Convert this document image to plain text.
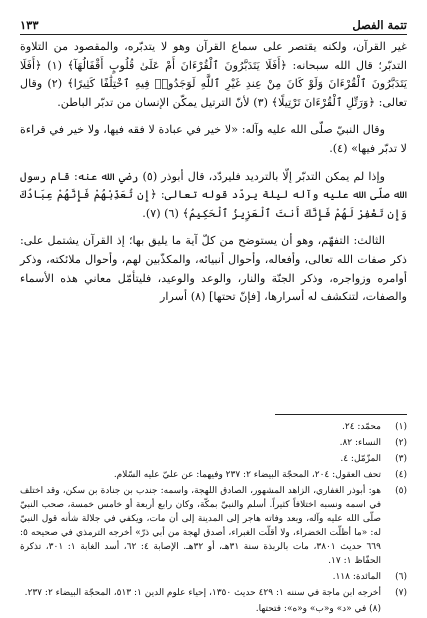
تتمة الفصل
١٣٣

غير القرآن، ولكنه يقتصر على سماع القرآن وهو لا يتدبّره، والمقصود من التلاوة التدبّر؛ قال الله سبحانه: ﴿أَفَلَا يَتَدَبَّرُونَ ٱلْقُرْءَانَ أَمْ عَلَىٰ قُلُوبٍ أَقْفَالُهَآ﴾ (١) ﴿أَفَلَا يَتَدَبَّرُونَ ٱلْقُرْءَانَ وَلَوْ كَانَ مِنْ عِندِ غَيْرِ ٱللَّهِ لَوَجَدُوا۟ فِيهِ ٱخْتِلَٰفًا كَثِيرًا﴾ (٢) وقال تعالى: ﴿وَرَتِّلِ ٱلْقُرْءَانَ تَرْتِيلًا﴾ (٣) لأنّ الترتيل يمكّن الإنسان من تدبّر الباطن.

وقال النبيّ صلّى الله عليه وآله: «لا خير في عبادة لا فقه فيها، ولا خير في قراءة لا تدبّر فيها» (٤).

وإذا لم يمكن التدبّر إلّا بالترديد فليردّد، قال أبوذر (٥) رضي الله عنه: قام رسول الله صلّى الله عليه وآله ليلة يردّد قوله تعالى: ﴿إِن تُعَذِّبْهُمْ فَإِنَّهُمْ عِبَادُكَ وَإِن تَغْفِرْ لَهُمْ فَإِنَّكَ أَنتَ ٱلْعَزِيزُ ٱلْحَكِيمُ﴾ (٦) (٧).

الثالث: التفهّم، وهو أن يستوضح من كلّ آية ما يليق بها؛ إذ القرآن يشتمل على: ذكر صفات الله تعالى، وأفعاله، وأحوال أنبيائه، والمكذّبين لهم، وأحوال ملائكته، وذكر أوامره وزواجره، وذكر الجنّة والنار، والوعد والوعيد، فليتأمّل معاني هذه الأسماء والصفات، لتنكشف له أسرارها، [فإنّ تحتها] (٨) أسرار

(١)
محمّد: ٢٤.
(٢)
النساء: ٨٢.
(٣)
المزّمّل: ٤.
(٤)
تحف العقول: ٢٠٤، المحجّة البيضاء ٢: ٢٣٧ وفيهما: عن عليّ عليه السّلام.
(٥)
هو: أبوذر الغفاري، الزاهد المشهور، الصادق اللهجة، واسمه: جندب بن جنادة بن سكن، وقد اختلف في اسمه ونسبه اختلافاً كثيراً. أسلم والنبيّ بمكّة، وكان رابع أربعة أو خامس خمسة، صحب النبيّ صلّى الله عليه وآله، وبعد وفاته هاجر إلى المدينة إلى أن مات، ويكفي في جلالة شأنه قول النبيّ له: «ما أظلّت الخضراء، ولا أقلّت الغبراء، أصدق لهجة من أبي ذرّ» أخرجه الترمذي في صحيحه ٥: ٦٦٩ حديث ٣٨٠١، مات بالربذة سنة ٣١هـ، أو ٣٢هـ. الإصابة ٤: ٦٢، أسد الغابة ١: ٣٠١، تذكرة الحفّاظ ١: ١٧.
(٦)
المائدة: ١١٨.
(٧)
أخرجه ابن ماجة في سننه ١: ٤٢٩ حديث ١٣٥٠، إحياء علوم الدين ١: ٥١٣، المحجّة البيضاء ٢: ٢٣٧.
(٨) في «د» و«ب» و«ه»: فتحتها.
